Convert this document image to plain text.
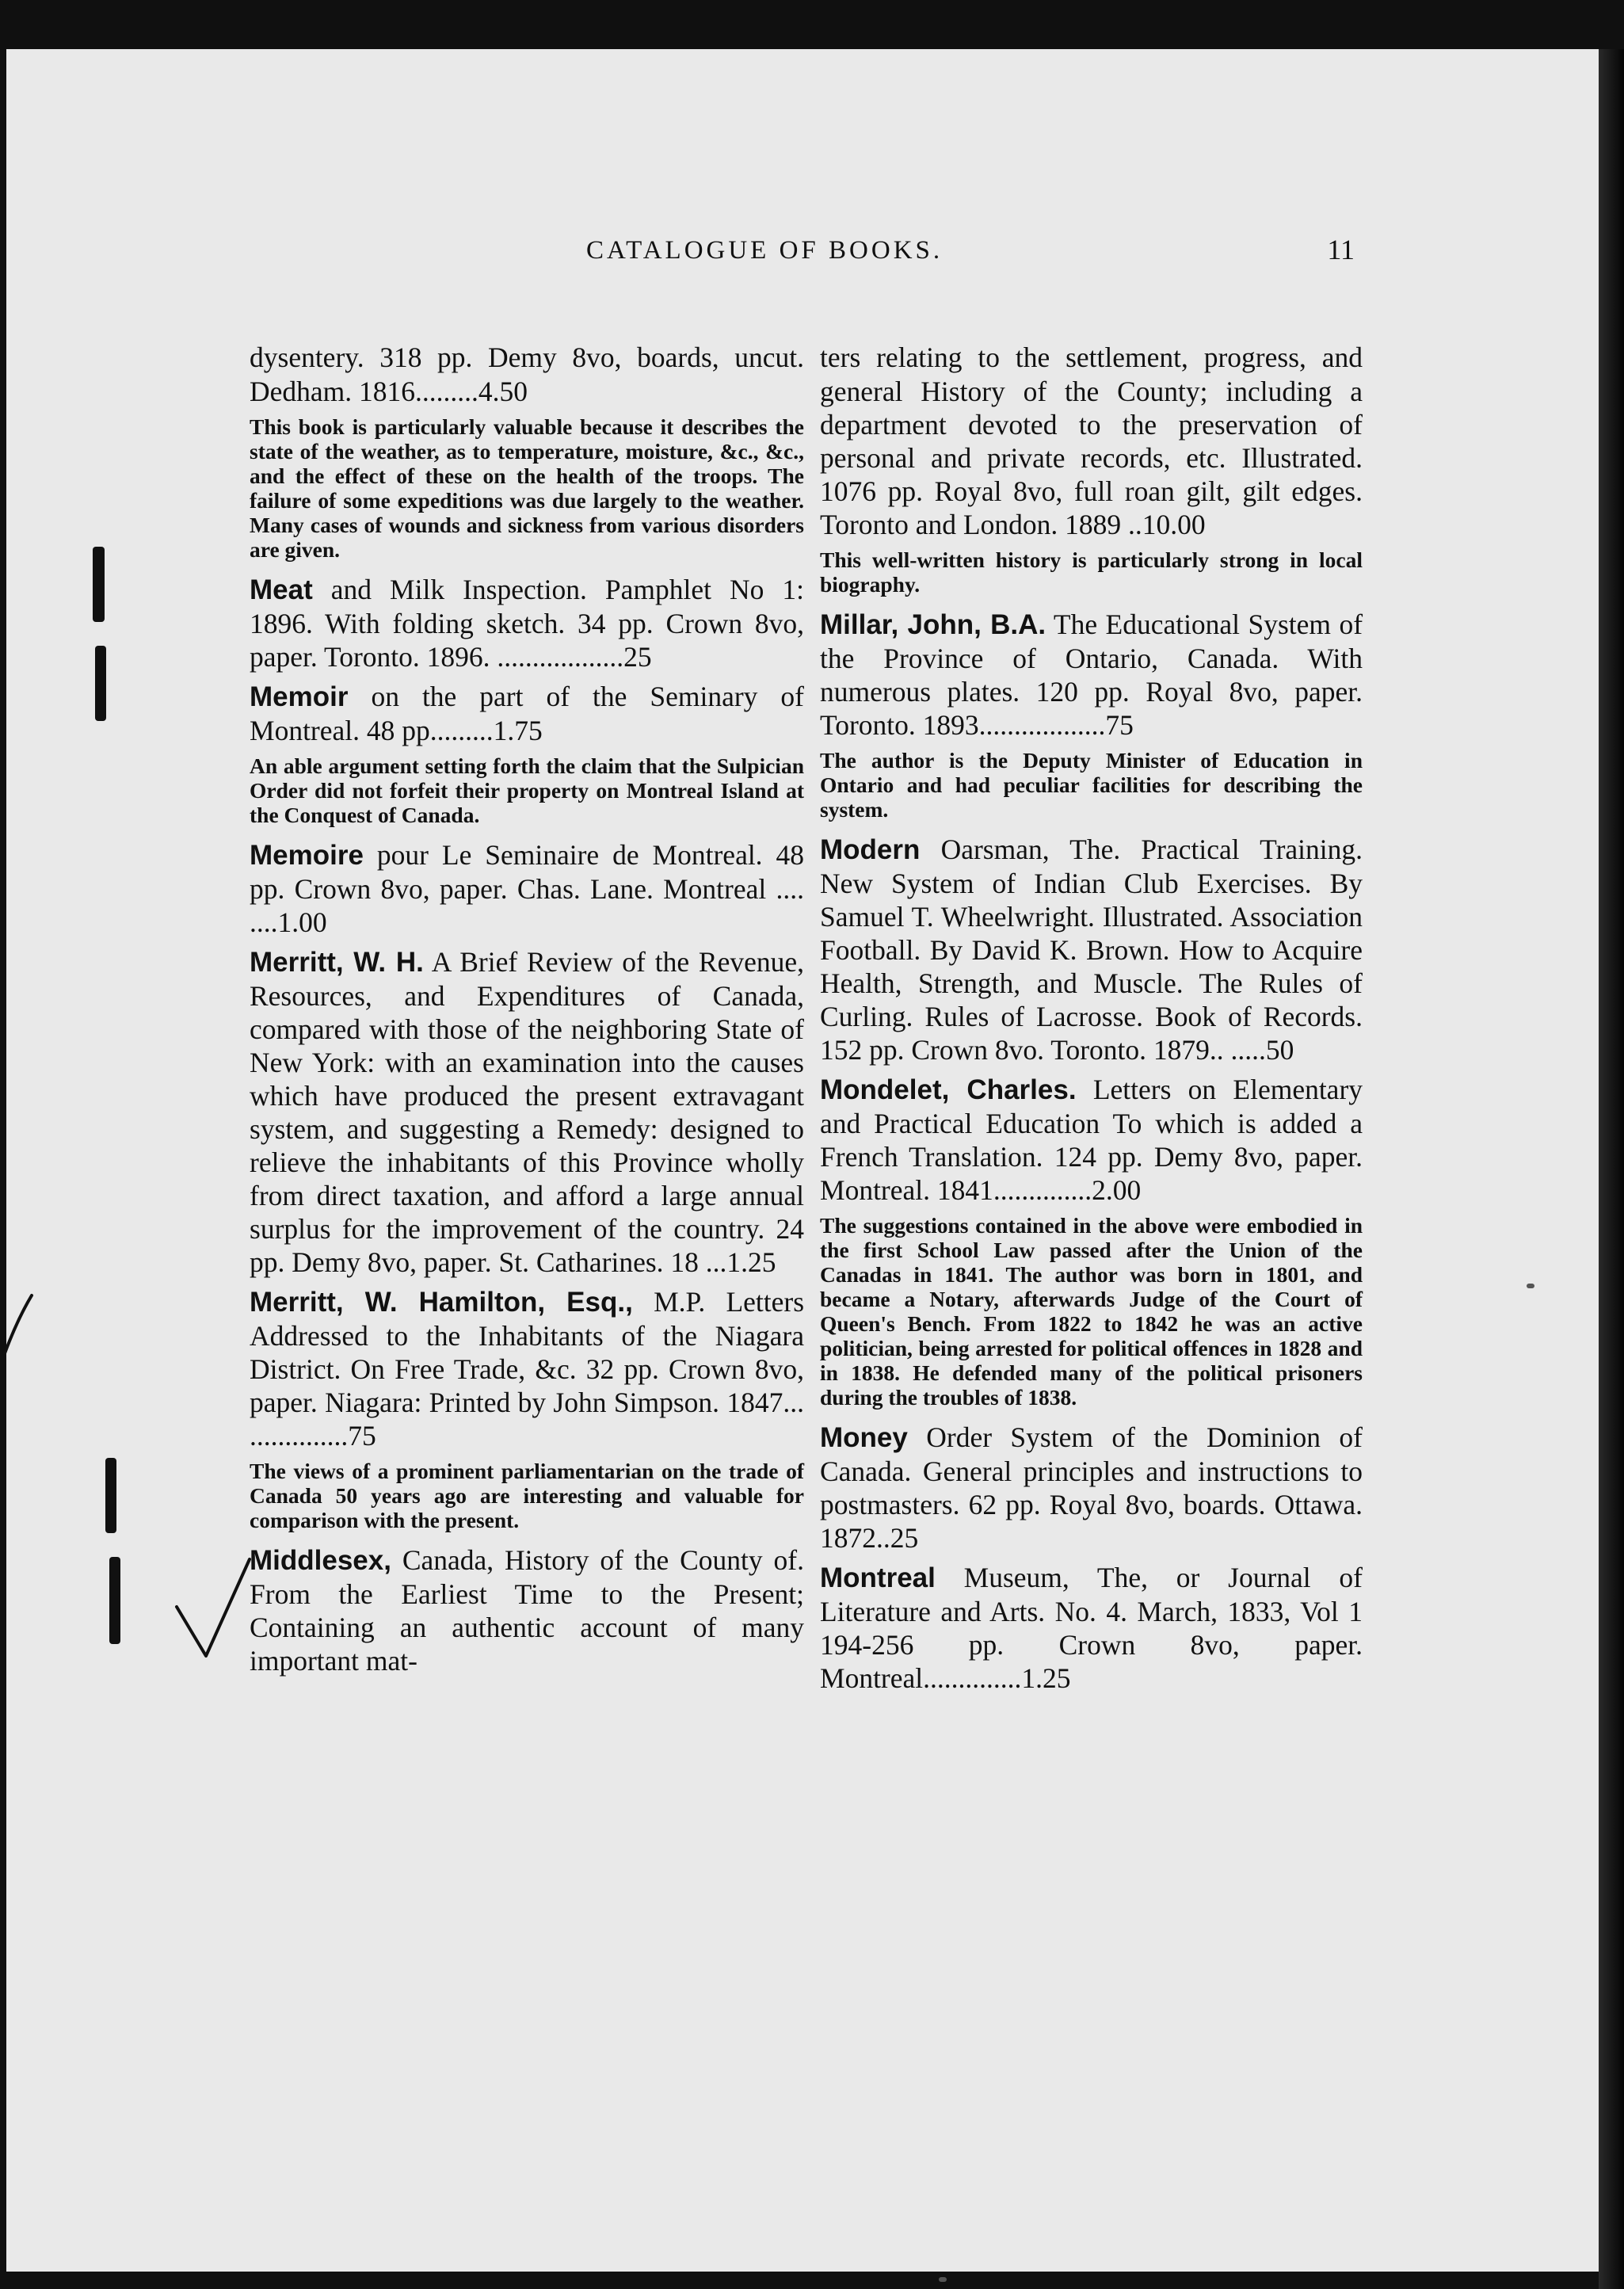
CATALOGUE OF BOOKS.	11
dysentery. 318 pp. Demy 8vo, boards, uncut. Dedham. 1816.........4.50
This book is particularly valuable because it describes the state of the weather, as to temperature, moisture, &c., &c., and the effect of these on the health of the troops. The failure of some expeditions was due largely to the weather. Many cases of wounds and sickness from various disorders are given.
Meat and Milk Inspection. Pamphlet No 1: 1896. With folding sketch. 34 pp. Crown 8vo, paper. Toronto. 1896. ..................25
Memoir on the part of the Seminary of Montreal. 48 pp.........1.75
An able argument setting forth the claim that the Sulpician Order did not forfeit their property on Montreal Island at the Conquest of Canada.
Memoire pour Le Seminaire de Montreal. 48 pp. Crown 8vo, paper. Chas. Lane. Montreal .... ....1.00
Merritt, W. H. A Brief Review of the Revenue, Resources, and Expenditures of Canada, compared with those of the neighboring State of New York: with an examination into the causes which have produced the present extravagant system, and suggesting a Remedy: designed to relieve the inhabitants of this Province wholly from direct taxation, and afford a large annual surplus for the improvement of the country. 24 pp. Demy 8vo, paper. St. Catharines. 18 ...1.25
Merritt, W. Hamilton, Esq., M.P. Letters Addressed to the Inhabitants of the Niagara District. On Free Trade, &c. 32 pp. Crown 8vo, paper. Niagara: Printed by John Simpson. 1847... ..............75
The views of a prominent parliamentarian on the trade of Canada 50 years ago are interesting and valuable for comparison with the present.
Middlesex, Canada, History of the County of. From the Earliest Time to the Present; Containing an authentic account of many important mat-
ters relating to the settlement, progress, and general History of the County; including a department devoted to the preservation of personal and private records, etc. Illustrated. 1076 pp. Royal 8vo, full roan gilt, gilt edges. Toronto and London. 1889 ..10.00
This well-written history is particularly strong in local biography.
Millar, John, B.A. The Educational System of the Province of Ontario, Canada. With numerous plates. 120 pp. Royal 8vo, paper. Toronto. 1893..................75
The author is the Deputy Minister of Education in Ontario and had peculiar facilities for describing the system.
Modern Oarsman, The. Practical Training. New System of Indian Club Exercises. By Samuel T. Wheelwright. Illustrated. Association Football. By David K. Brown. How to Acquire Health, Strength, and Muscle. The Rules of Curling. Rules of Lacrosse. Book of Records. 152 pp. Crown 8vo. Toronto. 1879.. .....50
Mondelet, Charles. Letters on Elementary and Practical Education To which is added a French Translation. 124 pp. Demy 8vo, paper. Montreal. 1841..............2.00
The suggestions contained in the above were embodied in the first School Law passed after the Union of the Canadas in 1841. The author was born in 1801, and became a Notary, afterwards Judge of the Court of Queen's Bench. From 1822 to 1842 he was an active politician, being arrested for political offences in 1828 and in 1838. He defended many of the political prisoners during the troubles of 1838.
Money Order System of the Dominion of Canada. General principles and instructions to postmasters. 62 pp. Royal 8vo, boards. Ottawa. 1872..25
Montreal Museum, The, or Journal of Literature and Arts. No. 4. March, 1833, Vol 1 194-256 pp. Crown 8vo, paper. Montreal..............1.25
